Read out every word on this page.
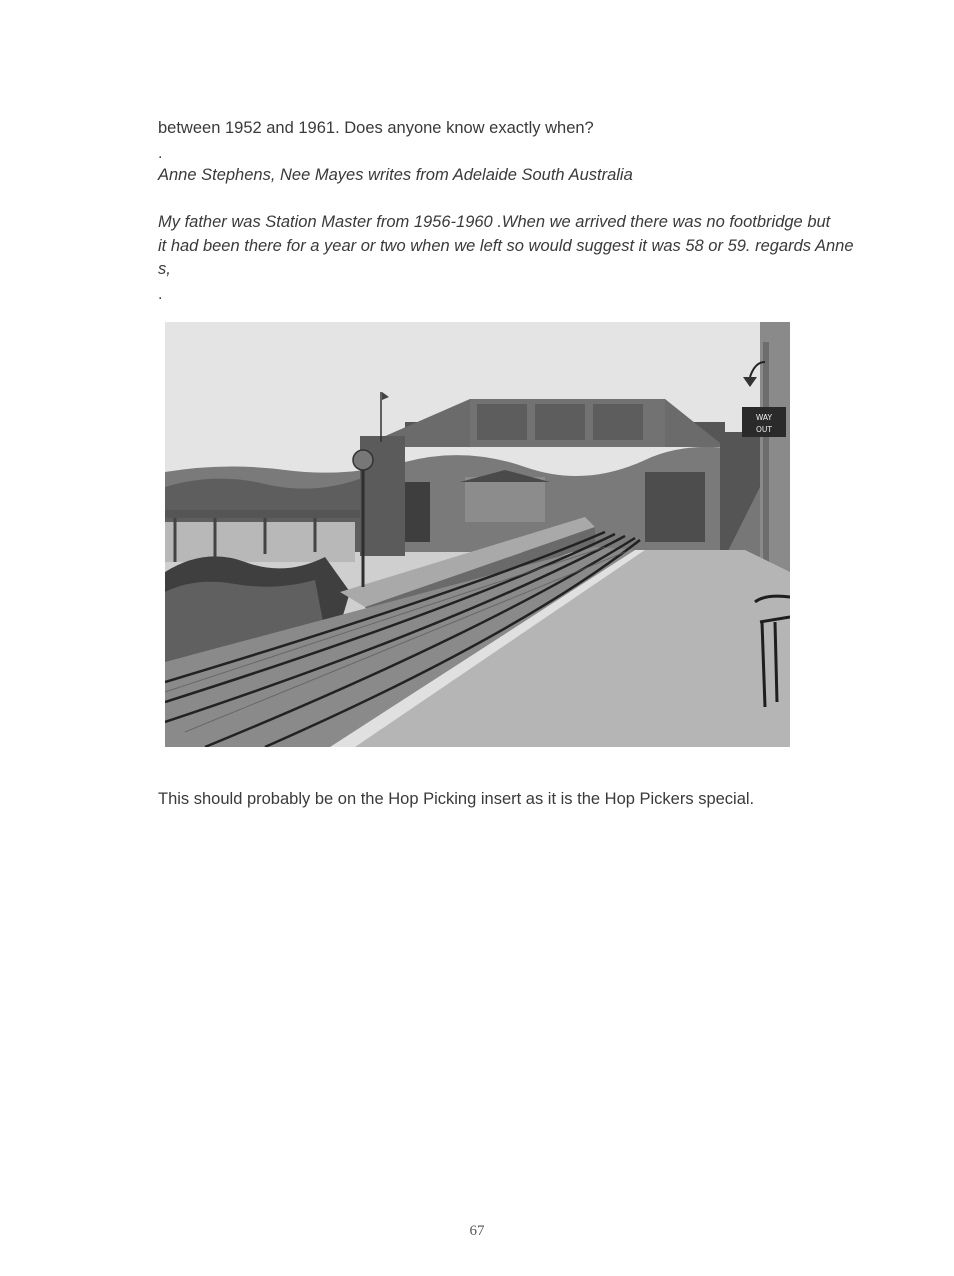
between 1952 and 1961. Does anyone know exactly when?

.

Anne Stephens, Nee Mayes writes from Adelaide South Australia

My father was Station Master from 1956-1960 .When we arrived there was no footbridge but
it had been there for a year or two when we left so would suggest it was 58 or 59. regards Anne
s,
.
WAY
OUT

This should probably be on the Hop Picking insert as it is the Hop Pickers special.

67
